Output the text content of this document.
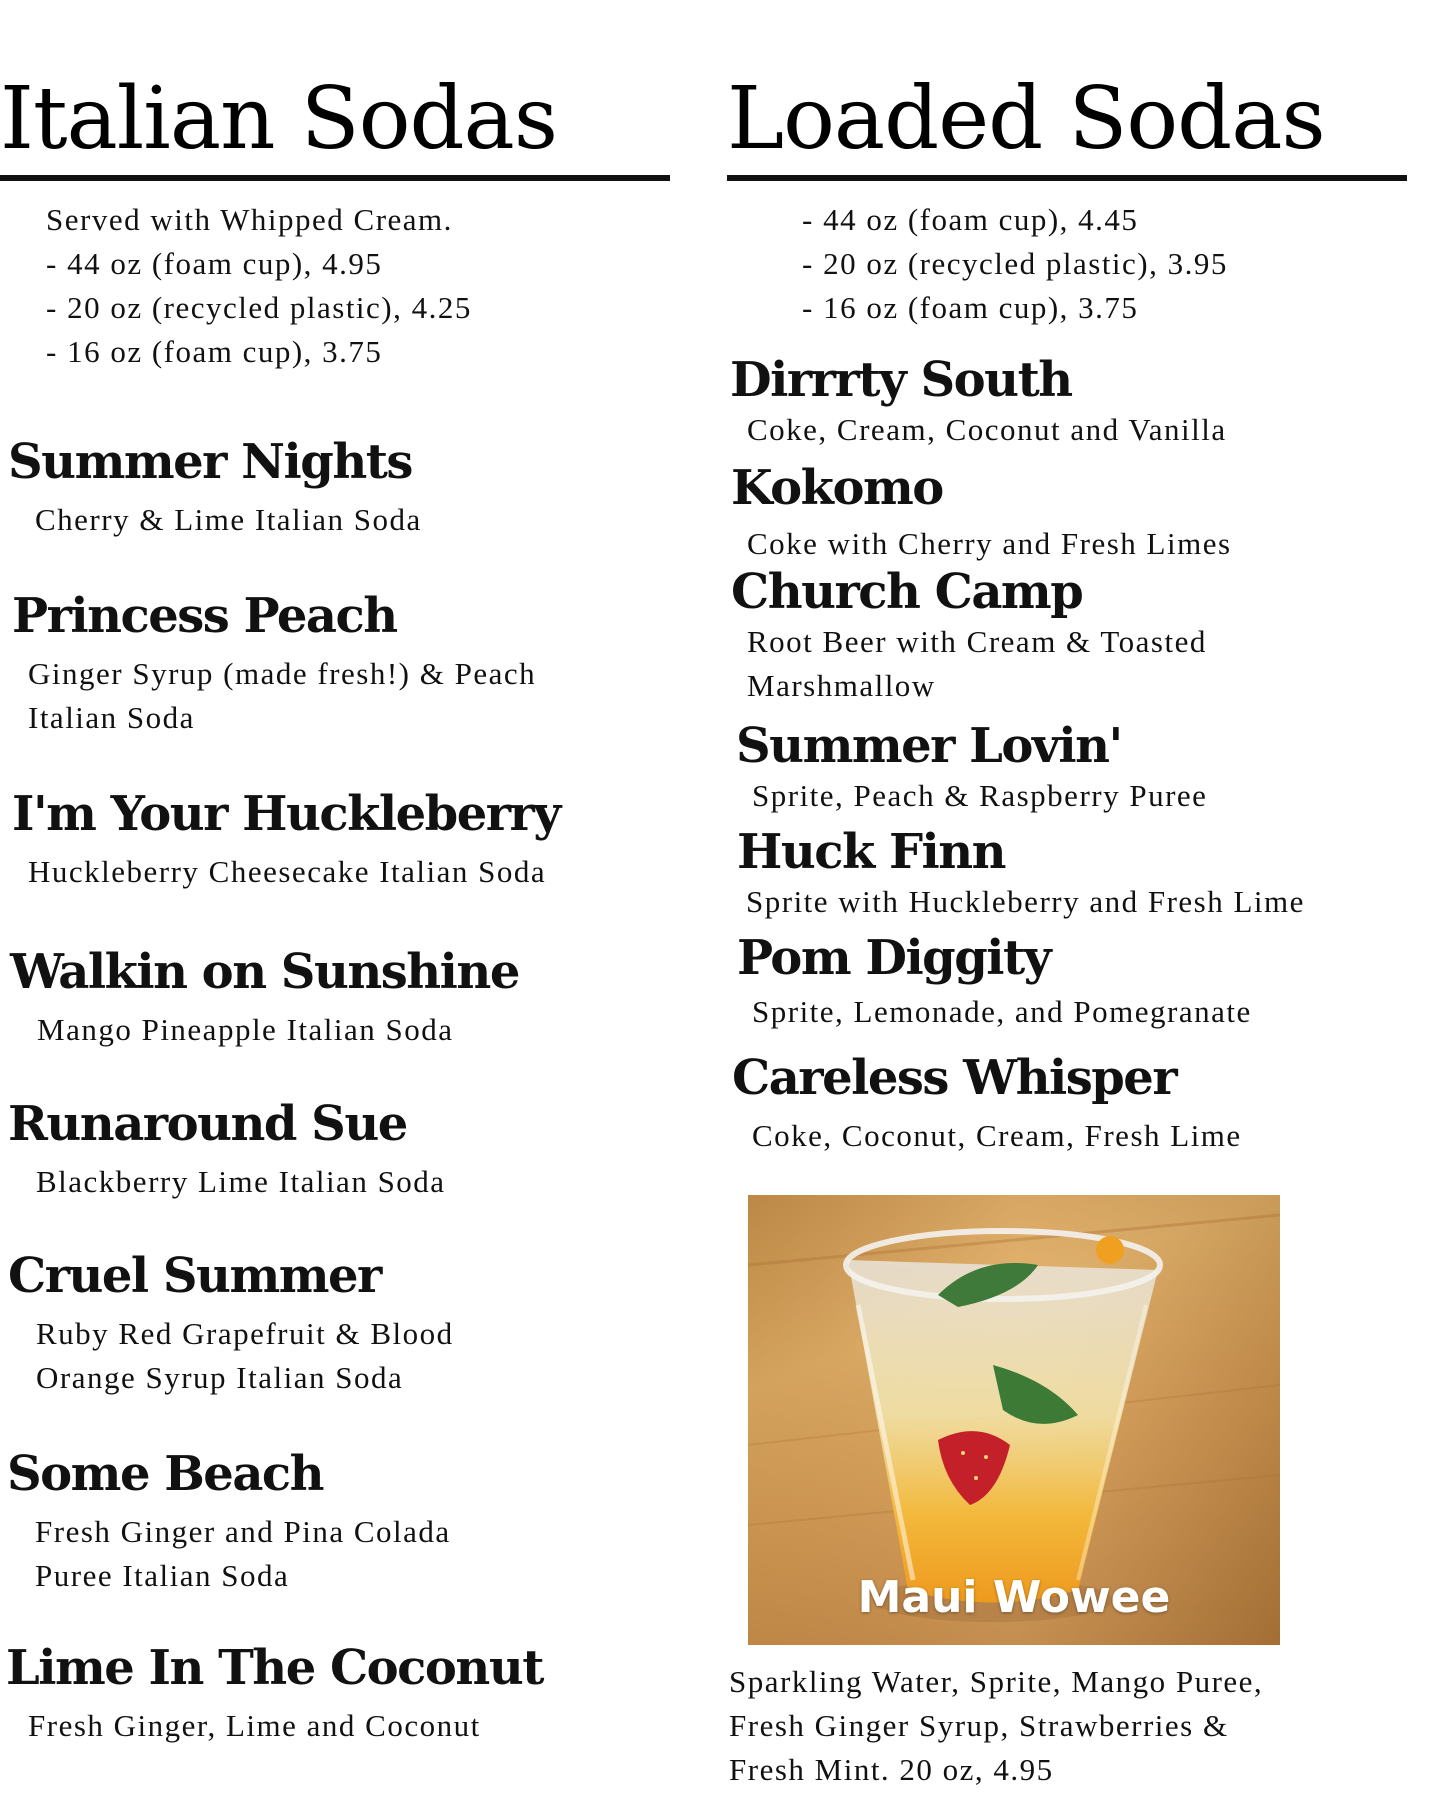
Italian Sodas
Served with Whipped Cream.
- 44 oz (foam cup), 4.95
- 20 oz (recycled plastic), 4.25
- 16 oz (foam cup), 3.75
Summer Nights
Cherry & Lime Italian Soda
Princess Peach
Ginger Syrup (made fresh!) & Peach
Italian Soda
I'm Your Huckleberry
Huckleberry Cheesecake Italian Soda
Walkin on Sunshine
Mango Pineapple Italian Soda
Runaround Sue
Blackberry Lime Italian Soda
Cruel Summer
Ruby Red Grapefruit & Blood
Orange Syrup Italian Soda
Some Beach
Fresh Ginger and Pina Colada
Puree Italian Soda
Lime In The Coconut
Fresh Ginger, Lime and Coconut
Loaded Sodas
- 44 oz (foam cup), 4.45
- 20 oz (recycled plastic), 3.95
- 16 oz (foam cup), 3.75
Dirrrty South
Coke, Cream, Coconut and Vanilla
Kokomo
Coke with Cherry and Fresh Limes
Church Camp
Root Beer with Cream & Toasted
Marshmallow
Summer Lovin'
Sprite, Peach & Raspberry Puree
Huck Finn
Sprite with Huckleberry and Fresh Lime
Pom Diggity
Sprite, Lemonade, and Pomegranate
Careless Whisper
Coke, Coconut, Cream, Fresh Lime
Maui Wowee

Sparkling Water, Sprite, Mango Puree,
Fresh Ginger Syrup, Strawberries &
Fresh Mint. 20 oz, 4.95
